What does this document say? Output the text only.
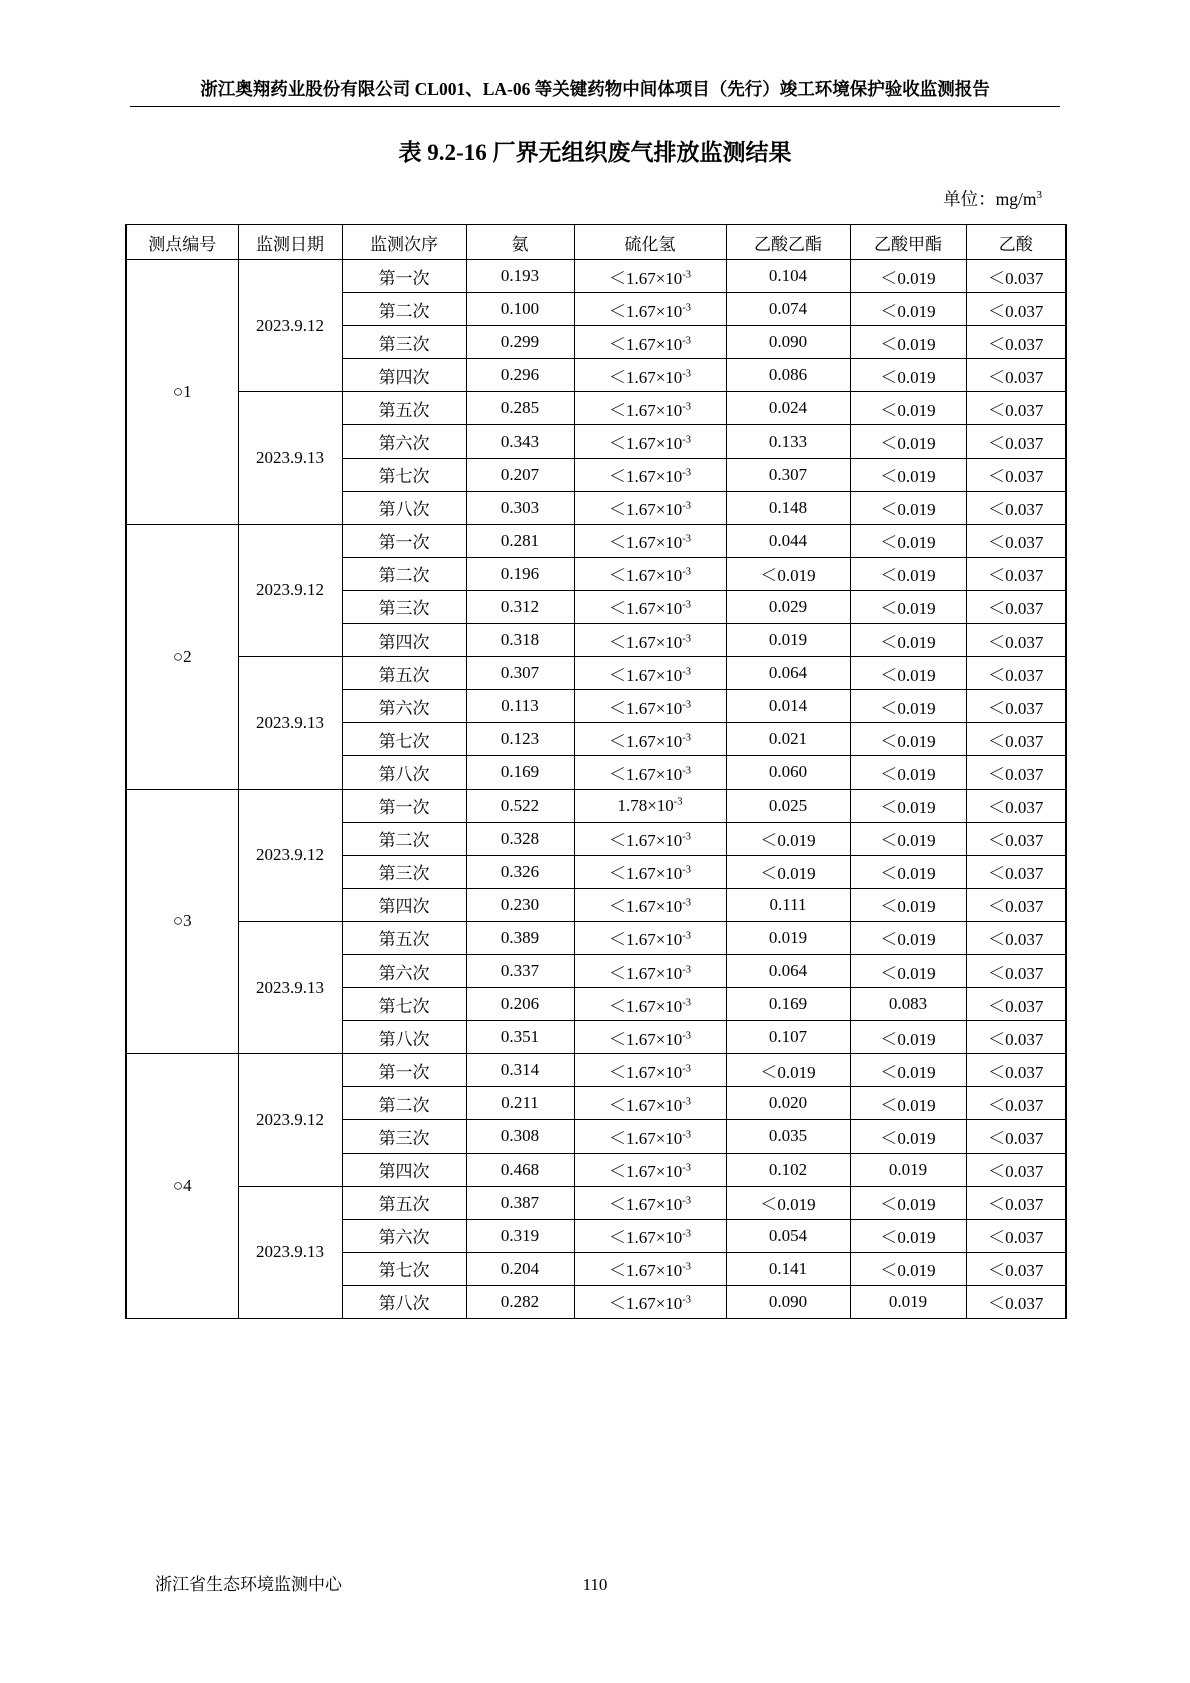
浙江奥翔药业股份有限公司 CL001、LA-06 等关键药物中间体项目（先行）竣工环境保护验收监测报告
表 9.2-16 厂界无组织废气排放监测结果
单位：$mg/m^3$
测点编号	监测日期	监测次序	氨	硫化氢	乙酸乙酯	乙酸甲酯	乙酸
○1	2023.9.12	第一次	0.193	$<1.67\times 10^{-3}$	0.104	＜0.019	＜0.037
		第二次	0.100	$<1.67\times 10^{-3}$	0.074	＜0.019	＜0.037
		第三次	0.299	$<1.67\times 10^{-3}$	0.090	＜0.019	＜0.037
		第四次	0.296	$<1.67\times 10^{-3}$	0.086	＜0.019	＜0.037
	2023.9.13	第五次	0.285	$<1.67\times 10^{-3}$	0.024	＜0.019	＜0.037
		第六次	0.343	$<1.67\times 10^{-3}$	0.133	＜0.019	＜0.037
		第七次	0.207	$<1.67\times 10^{-3}$	0.307	＜0.019	＜0.037
		第八次	0.303	$<1.67\times 10^{-3}$	0.148	＜0.019	＜0.037
○2	2023.9.12	第一次	0.281	$<1.67\times 10^{-3}$	0.044	＜0.019	＜0.037
		第二次	0.196	$<1.67\times 10^{-3}$	＜0.019	＜0.019	＜0.037
		第三次	0.312	$<1.67\times 10^{-3}$	0.029	＜0.019	＜0.037
		第四次	0.318	$<1.67\times 10^{-3}$	0.019	＜0.019	＜0.037
	2023.9.13	第五次	0.307	$<1.67\times 10^{-3}$	0.064	＜0.019	＜0.037
		第六次	0.113	$<1.67\times 10^{-3}$	0.014	＜0.019	＜0.037
		第七次	0.123	$<1.67\times 10^{-3}$	0.021	＜0.019	＜0.037
		第八次	0.169	$<1.67\times 10^{-3}$	0.060	＜0.019	＜0.037
○3	2023.9.12	第一次	0.522	$1.78\times 10^{-3}$	0.025	＜0.019	＜0.037
		第二次	0.328	$<1.67\times 10^{-3}$	＜0.019	＜0.019	＜0.037
		第三次	0.326	$<1.67\times 10^{-3}$	＜0.019	＜0.019	＜0.037
		第四次	0.230	$<1.67\times 10^{-3}$	0.111	＜0.019	＜0.037
	2023.9.13	第五次	0.389	$<1.67\times 10^{-3}$	0.019	＜0.019	＜0.037
		第六次	0.337	$<1.67\times 10^{-3}$	0.064	＜0.019	＜0.037
		第七次	0.206	$<1.67\times 10^{-3}$	0.169	0.083	＜0.037
		第八次	0.351	$<1.67\times 10^{-3}$	0.107	＜0.019	＜0.037
○4	2023.9.12	第一次	0.314	$<1.67\times 10^{-3}$	＜0.019	＜0.019	＜0.037
		第二次	0.211	$<1.67\times 10^{-3}$	0.020	＜0.019	＜0.037
		第三次	0.308	$<1.67\times 10^{-3}$	0.035	＜0.019	＜0.037
		第四次	0.468	$<1.67\times 10^{-3}$	0.102	0.019	＜0.037
	2023.9.13	第五次	0.387	$<1.67\times 10^{-3}$	＜0.019	＜0.019	＜0.037
		第六次	0.319	$<1.67\times 10^{-3}$	0.054	＜0.019	＜0.037
		第七次	0.204	$<1.67\times 10^{-3}$	0.141	＜0.019	＜0.037
		第八次	0.282	$<1.67\times 10^{-3}$	0.090	0.019	＜0.037
浙江省生态环境监测中心	110
